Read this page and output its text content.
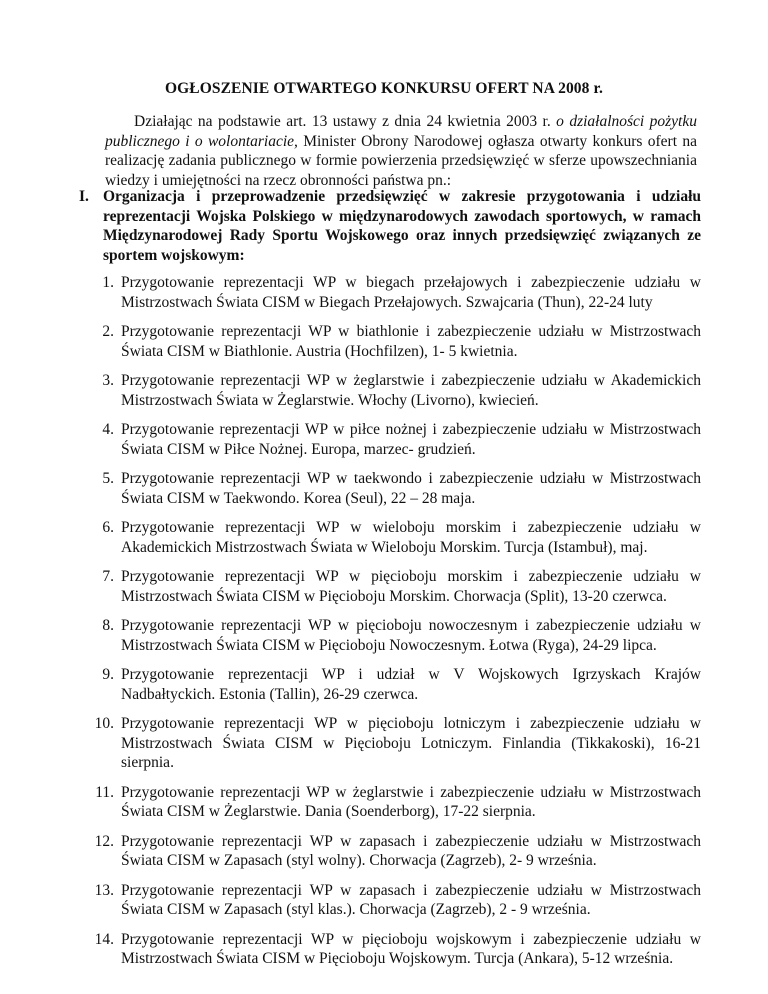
OGŁOSZENIE OTWARTEGO KONKURSU OFERT NA 2008 r.

Działając na podstawie art. 13 ustawy z dnia 24 kwietnia 2003 r. o działalności pożytku publicznego i o wolontariacie, Minister Obrony Narodowej ogłasza otwarty konkurs ofert na realizację zadania publicznego w formie powierzenia przedsięwzięć w sferze upowszechniania wiedzy i umiejętności na rzecz obronności państwa pn.:

I. Organizacja i przeprowadzenie przedsięwzięć w zakresie przygotowania i udziału reprezentacji Wojska Polskiego w międzynarodowych zawodach sportowych, w ramach Międzynarodowej Rady Sportu Wojskowego oraz innych przedsięwzięć związanych ze sportem wojskowym:
1. Przygotowanie reprezentacji WP w biegach przełajowych i zabezpieczenie udziału w Mistrzostwach Świata CISM w Biegach Przełajowych. Szwajcaria (Thun), 22-24 luty
2. Przygotowanie reprezentacji WP w biathlonie i zabezpieczenie udziału w Mistrzostwach Świata CISM w Biathlonie. Austria (Hochfilzen), 1- 5 kwietnia.
3. Przygotowanie reprezentacji WP w żeglarstwie i zabezpieczenie udziału w Akademickich Mistrzostwach Świata w Żeglarstwie. Włochy (Livorno), kwiecień.
4. Przygotowanie reprezentacji WP w piłce nożnej i zabezpieczenie udziału w Mistrzostwach Świata CISM w Piłce Nożnej. Europa, marzec- grudzień.
5. Przygotowanie reprezentacji WP w taekwondo i zabezpieczenie udziału w Mistrzostwach Świata CISM w Taekwondo. Korea (Seul), 22 – 28 maja.
6. Przygotowanie reprezentacji WP w wieloboju morskim i zabezpieczenie udziału w Akademickich Mistrzostwach Świata w Wieloboju Morskim. Turcja (Istambuł), maj.
7. Przygotowanie reprezentacji WP w pięcioboju morskim i zabezpieczenie udziału w Mistrzostwach Świata CISM w Pięcioboju Morskim. Chorwacja (Split), 13-20 czerwca.
8. Przygotowanie reprezentacji WP w pięcioboju nowoczesnym i zabezpieczenie udziału w Mistrzostwach Świata CISM w Pięcioboju Nowoczesnym. Łotwa (Ryga), 24-29 lipca.
9. Przygotowanie reprezentacji WP i udział w V Wojskowych Igrzyskach Krajów Nadbałtyckich. Estonia (Tallin), 26-29 czerwca.
10. Przygotowanie reprezentacji WP w pięcioboju lotniczym i zabezpieczenie udziału w Mistrzostwach Świata CISM w Pięcioboju Lotniczym. Finlandia (Tikkakoski), 16-21 sierpnia.
11. Przygotowanie reprezentacji WP w żeglarstwie i zabezpieczenie udziału w Mistrzostwach Świata CISM w Żeglarstwie. Dania (Soenderborg), 17-22 sierpnia.
12. Przygotowanie reprezentacji WP w zapasach i zabezpieczenie udziału w Mistrzostwach Świata CISM w Zapasach (styl wolny). Chorwacja (Zagrzeb), 2- 9 września.
13. Przygotowanie reprezentacji WP w zapasach i zabezpieczenie udziału w Mistrzostwach Świata CISM w Zapasach (styl klas.). Chorwacja (Zagrzeb), 2 - 9 września.
14. Przygotowanie reprezentacji WP w pięcioboju wojskowym i zabezpieczenie udziału w Mistrzostwach Świata CISM w Pięcioboju Wojskowym. Turcja (Ankara), 5-12 września.
